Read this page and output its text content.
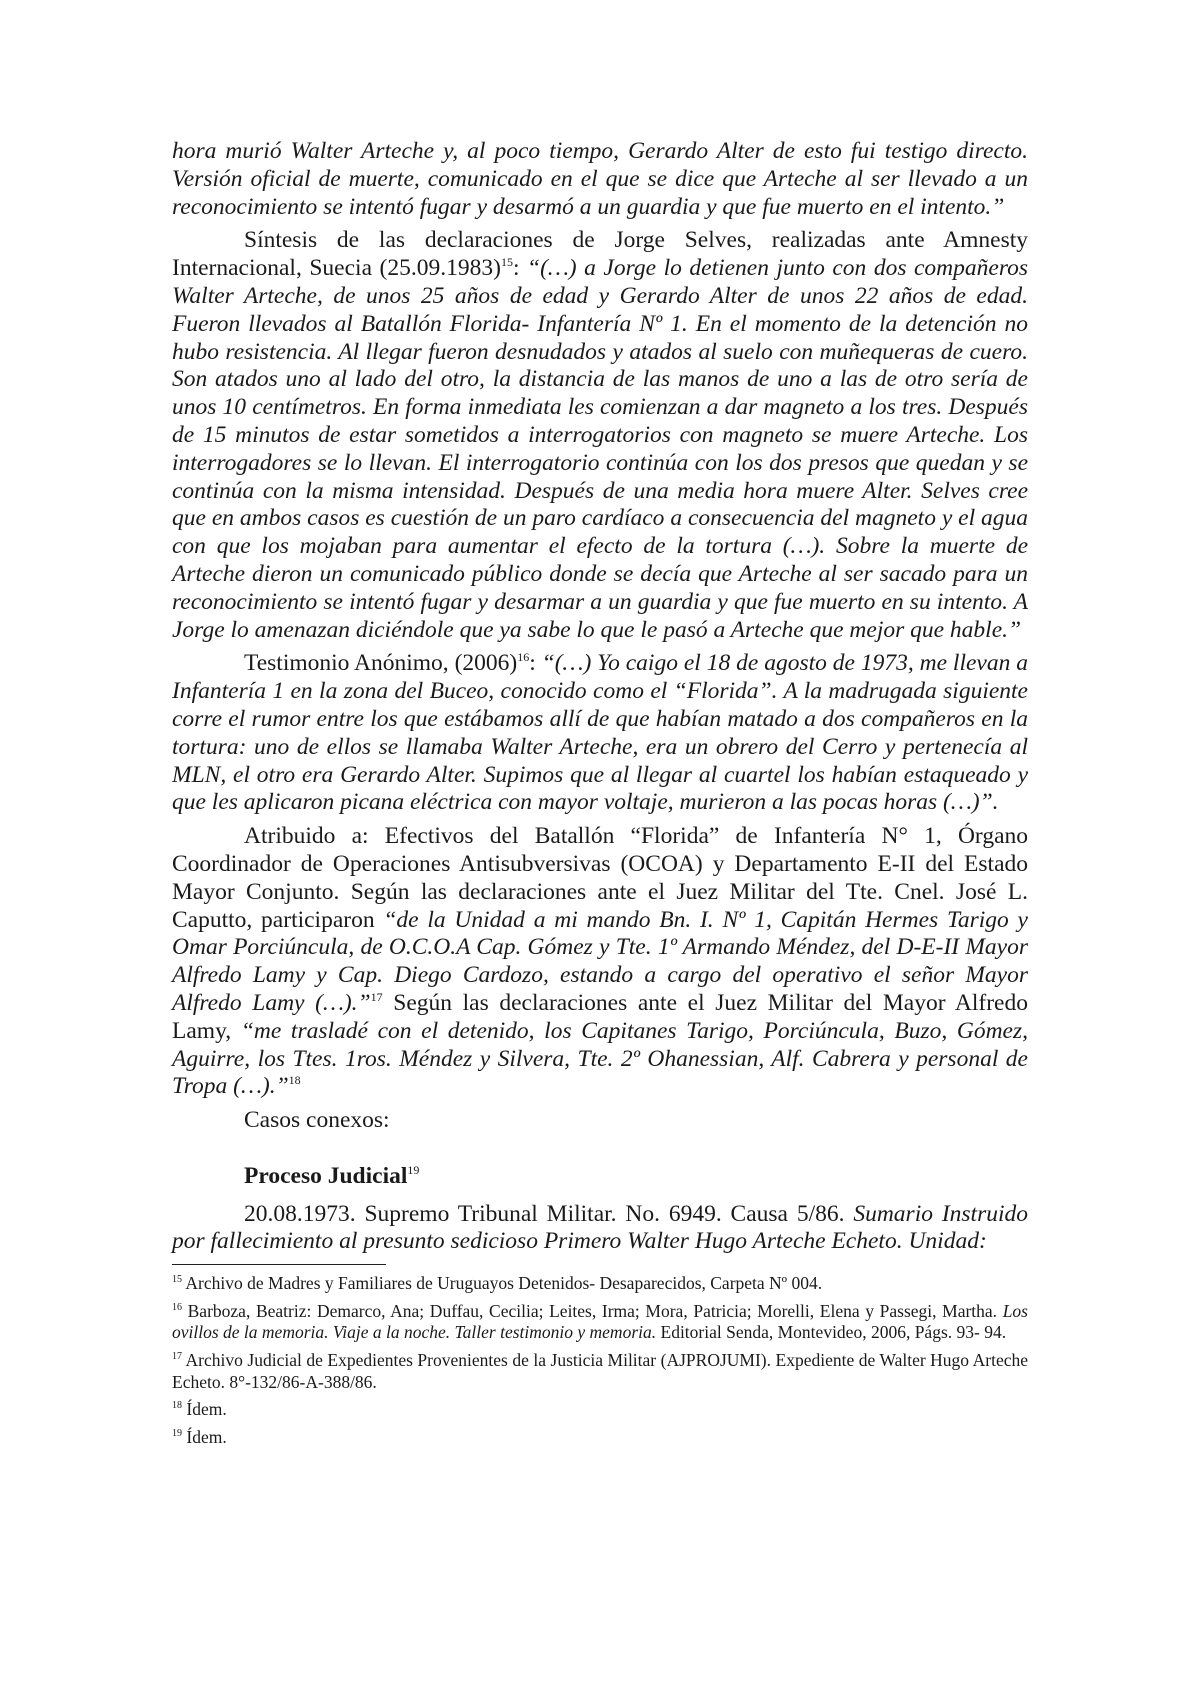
hora murió Walter Arteche y, al poco tiempo, Gerardo Alter de esto fui testigo directo. Versión oficial de muerte, comunicado en el que se dice que Arteche al ser llevado a un reconocimiento se intentó fugar y desarmó a un guardia y que fue muerto en el intento.”

Síntesis de las declaraciones de Jorge Selves, realizadas ante Amnesty Internacional, Suecia $(25.09.1983)^{15}$: “(…) a Jorge lo detienen junto con dos compañeros Walter Arteche, de unos 25 años de edad y Gerardo Alter de unos 22 años de edad. Fueron llevados al Batallón Florida- Infantería Nº 1. En el momento de la detención no hubo resistencia. Al llegar fueron desnudados y atados al suelo con muñequeras de cuero. Son atados uno al lado del otro, la distancia de las manos de uno a las de otro sería de unos 10 centímetros. En forma inmediata les comienzan a dar magneto a los tres. Después de 15 minutos de estar sometidos a interrogatorios con magneto se muere Arteche. Los interrogadores se lo llevan. El interrogatorio continúa con los dos presos que quedan y se continúa con la misma intensidad. Después de una media hora muere Alter. Selves cree que en ambos casos es cuestión de un paro cardíaco a consecuencia del magneto y el agua con que los mojaban para aumentar el efecto de la tortura (…). Sobre la muerte de Arteche dieron un comunicado público donde se decía que Arteche al ser sacado para un reconocimiento se intentó fugar y desarmar a un guardia y que fue muerto en su intento. A Jorge lo amenazan diciéndole que ya sabe lo que le pasó a Arteche que mejor que hable.”

Testimonio Anónimo, $(2006)^{16}$: “(…) Yo caigo el 18 de agosto de 1973, me llevan a Infantería 1 en la zona del Buceo, conocido como el “Florida”. A la madrugada siguiente corre el rumor entre los que estábamos allí de que habían matado a dos compañeros en la tortura: uno de ellos se llamaba Walter Arteche, era un obrero del Cerro y pertenecía al MLN, el otro era Gerardo Alter. Supimos que al llegar al cuartel los habían estaqueado y que les aplicaron picana eléctrica con mayor voltaje, murieron a las pocas horas (…)”.

Atribuido a: Efectivos del Batallón “Florida” de Infantería N° 1, Órgano Coordinador de Operaciones Antisubversivas (OCOA) y Departamento E-II del Estado Mayor Conjunto. Según las declaraciones ante el Juez Militar del Tte. Cnel. José L. Caputto, participaron “de la Unidad a mi mando Bn. I. Nº 1, Capitán Hermes Tarigo y Omar Porciúncula, de O.C.O.A Cap. Gómez y Tte. 1º Armando Méndez, del D-E-II Mayor Alfredo Lamy y Cap. Diego Cardozo, estando a cargo del operativo el señor Mayor Alfredo Lamy (…).”$^{17}$ Según las declaraciones ante el Juez Militar del Mayor Alfredo Lamy, “me trasladé con el detenido, los Capitanes Tarigo, Porciúncula, Buzo, Gómez, Aguirre, los Ttes. 1ros. Méndez y Silvera, Tte. 2º Ohanessian, Alf. Cabrera y personal de Tropa (…).”$^{18}$

Casos conexos:

Proceso Judicial$^{19}$

20.08.1973. Supremo Tribunal Militar. No. 6949. Causa 5/86. Sumario Instruido por fallecimiento al presunto sedicioso Primero Walter Hugo Arteche Echeto. Unidad:

$^{15}$ Archivo de Madres y Familiares de Uruguayos Detenidos- Desaparecidos, Carpeta Nº 004.

$^{16}$ Barboza, Beatriz: Demarco, Ana; Duffau, Cecilia; Leites, Irma; Mora, Patricia; Morelli, Elena y Passegi, Martha. Los ovillos de la memoria. Viaje a la noche. Taller testimonio y memoria. Editorial Senda, Montevideo, 2006, Págs. 93- 94.

$^{17}$ Archivo Judicial de Expedientes Provenientes de la Justicia Militar (AJPROJUMI). Expediente de Walter Hugo Arteche Echeto. 8°-132/86-A-388/86.

$^{18}$ Ídem.

$^{19}$ Ídem.
